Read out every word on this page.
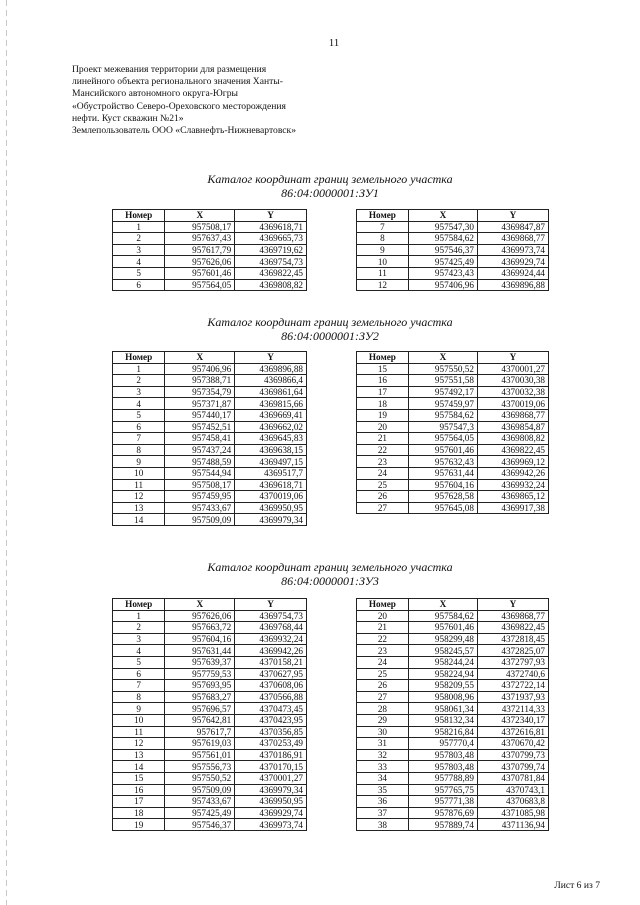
11
Проект межевания территории для размещения
линейного объекта регионального значения Ханты-
Мансийского автономного округа-Югры
«Обустройство Северо-Ореховского месторождения
нефти. Куст скважин №21»
Землепользователь ООО «Славнефть-Нижневартовск»
Каталог координат границ земельного участка
86:04:0000001:ЗУ1
Номер	X	Y
1	957508,17	4369618,71
2	957637,43	4369665,73
3	957617,79	4369719,62
4	957626,06	4369754,73
5	957601,46	4369822,45
6	957564,05	4369808,82
Номер	X	Y
7	957547,30	4369847,87
8	957584,62	4369868,77
9	957546,37	4369973,74
10	957425,49	4369929,74
11	957423,43	4369924,44
12	957406,96	4369896,88
Каталог координат границ земельного участка
86:04:0000001:ЗУ2
Номер	X	Y
1	957406,96	4369896,88
2	957388,71	4369866,4
3	957354,79	4369861,64
4	957371,87	4369815,66
5	957440,17	4369669,41
6	957452,51	4369662,02
7	957458,41	4369645,83
8	957437,24	4369638,15
9	957488,59	4369497,15
10	957544,94	4369517,7
11	957508,17	4369618,71
12	957459,95	4370019,06
13	957433,67	4369950,95
14	957509,09	4369979,34
Номер	X	Y
15	957550,52	4370001,27
16	957551,58	4370030,38
17	957492,17	4370032,38
18	957459,97	4370019,06
19	957584,62	4369868,77
20	957547,3	4369854,87
21	957564,05	4369808,82
22	957601,46	4369822,45
23	957632,43	4369969,12
24	957631,44	4369942,26
25	957604,16	4369932,24
26	957628,58	4369865,12
27	957645,08	4369917,38
Каталог координат границ земельного участка
86:04:0000001:ЗУ3
Номер	X	Y
1	957626,06	4369754,73
2	957663,72	4369768,44
3	957604,16	4369932,24
4	957631,44	4369942,26
5	957639,37	4370158,21
6	957759,53	4370627,95
7	957693,95	4370608,06
8	957683,27	4370566,88
9	957696,57	4370473,45
10	957642,81	4370423,95
11	957617,7	4370356,85
12	957619,03	4370253,49
13	957561,01	4370186,91
14	957556,73	4370170,15
15	957550,52	4370001,27
16	957509,09	4369979,34
17	957433,67	4369950,95
18	957425,49	4369929,74
19	957546,37	4369973,74
Номер	X	Y
20	957584,62	4369868,77
21	957601,46	4369822,45
22	958299,48	4372818,45
23	958245,57	4372825,07
24	958244,24	4372797,93
25	958224,94	4372740,6
26	958209,55	4372722,14
27	958008,96	4371937,93
28	958061,34	4372114,33
29	958132,34	4372340,17
30	958216,84	4372616,81
31	957770,4	4370670,42
32	957803,48	4370799,73
33	957803,48	4370799,74
34	957788,89	4370781,84
35	957765,75	4370743,1
36	957771,38	4370683,8
37	957876,69	4371085,98
38	957889,74	4371136,94
Лист 6 из 7
